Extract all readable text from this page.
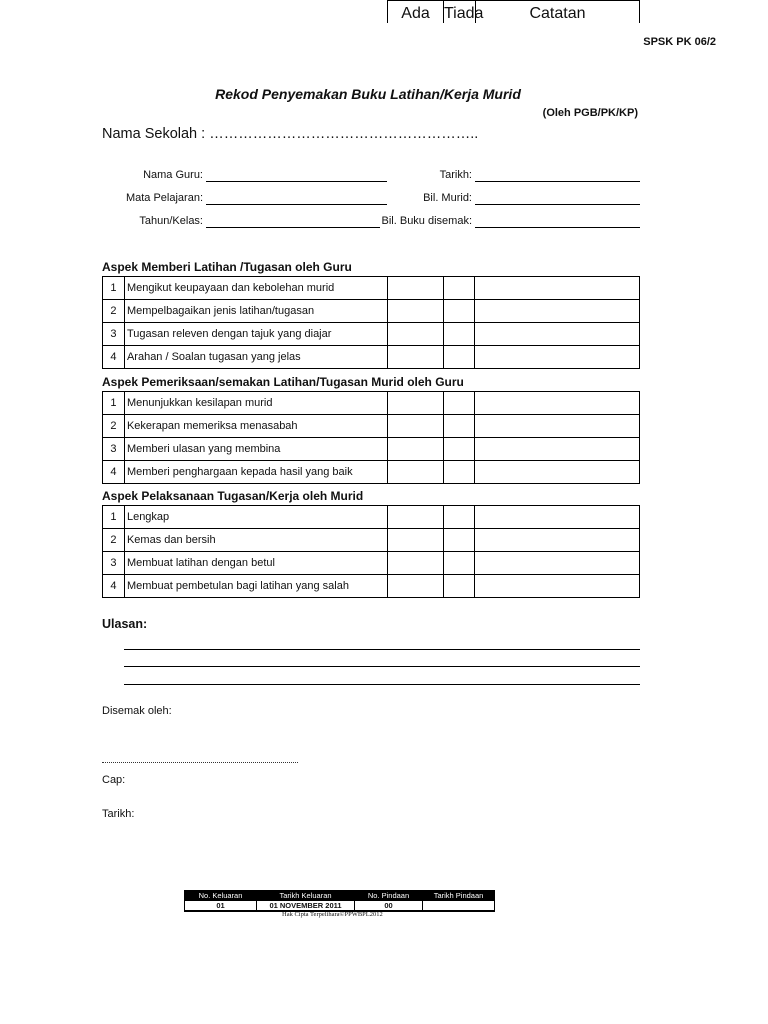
SPSK PK 06/2
Rekod Penyemakan Buku Latihan/Kerja Murid
(Oleh PGB/PK/KP)
Nama Sekolah : ………………………………………………..
Nama Guru:	Tarikh:
Mata Pelajaran:	Bil. Murid:
Tahun/Kelas:	Bil. Buku disemak:
Aspek Memberi Latihan /Tugasan oleh Guru
Ada Tiada	Catatan
1	Mengikut keupayaan dan kebolehan murid			
2	Mempelbagaikan jenis latihan/tugasan			
3	Tugasan releven dengan tajuk yang diajar			
4	Arahan / Soalan tugasan yang jelas			
Aspek Pemeriksaan/semakan Latihan/Tugasan Murid oleh Guru
1	Menunjukkan kesilapan murid			
2	Kekerapan memeriksa menasabah			
3	Memberi ulasan yang membina			
4	Memberi penghargaan kepada hasil yang baik			
Aspek Pelaksanaan Tugasan/Kerja oleh Murid
1	Lengkap			
2	Kemas dan bersih			
3	Membuat latihan dengan betul			
4	Membuat pembetulan bagi latihan yang salah			
Ulasan:
Disemak oleh:
Cap:
Tarikh:
No. Keluaran	Tarikh Keluaran	No. Pindaan	Tarikh Pindaan
01	01 NOVEMBER 2011	00	
Hak Cipta Terpelihara©PPWBPL2012
